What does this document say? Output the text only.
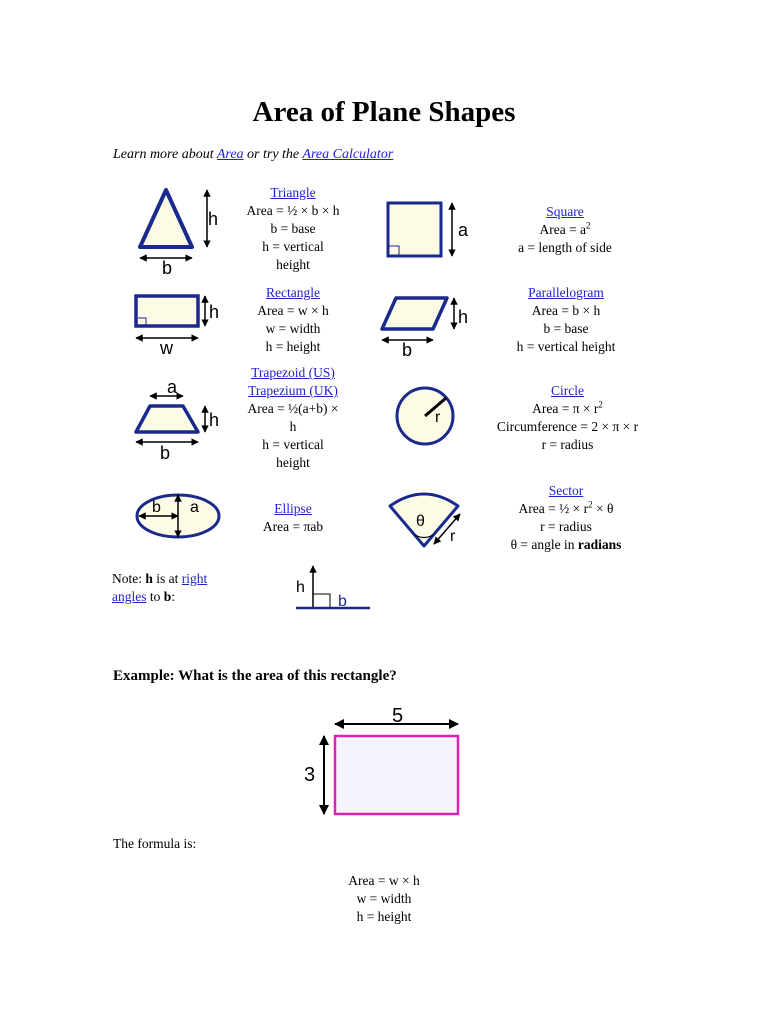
Area of Plane Shapes
Learn more about Area or try the Area Calculator
h
b
Triangle
Area = ½ × b × h
b = base
h = vertical
height
a
Square
Area = $a^2$
a = length of side
h
w
Rectangle
Area = w × h
w = width
h = height
h
b
Parallelogram
Area = b × h
b = base
h = vertical height
a
h
b
Trapezoid (US)
Trapezium (UK)
Area = ½(a+b) ×
h
h = vertical
height
r
Circle
Area = $\pi \times r^2$
Circumference = 2 × π × r
r = radius
b a	Ellipse
Area = πab	θ
r
Sector
Area = ½ × $r^2 \times \theta$
r = radius
θ = angle in radians
Note: h is at right angles to b:
h
b
Example: What is the area of this rectangle?
5
3
The formula is:
Area = w × h
w = width
h = height
